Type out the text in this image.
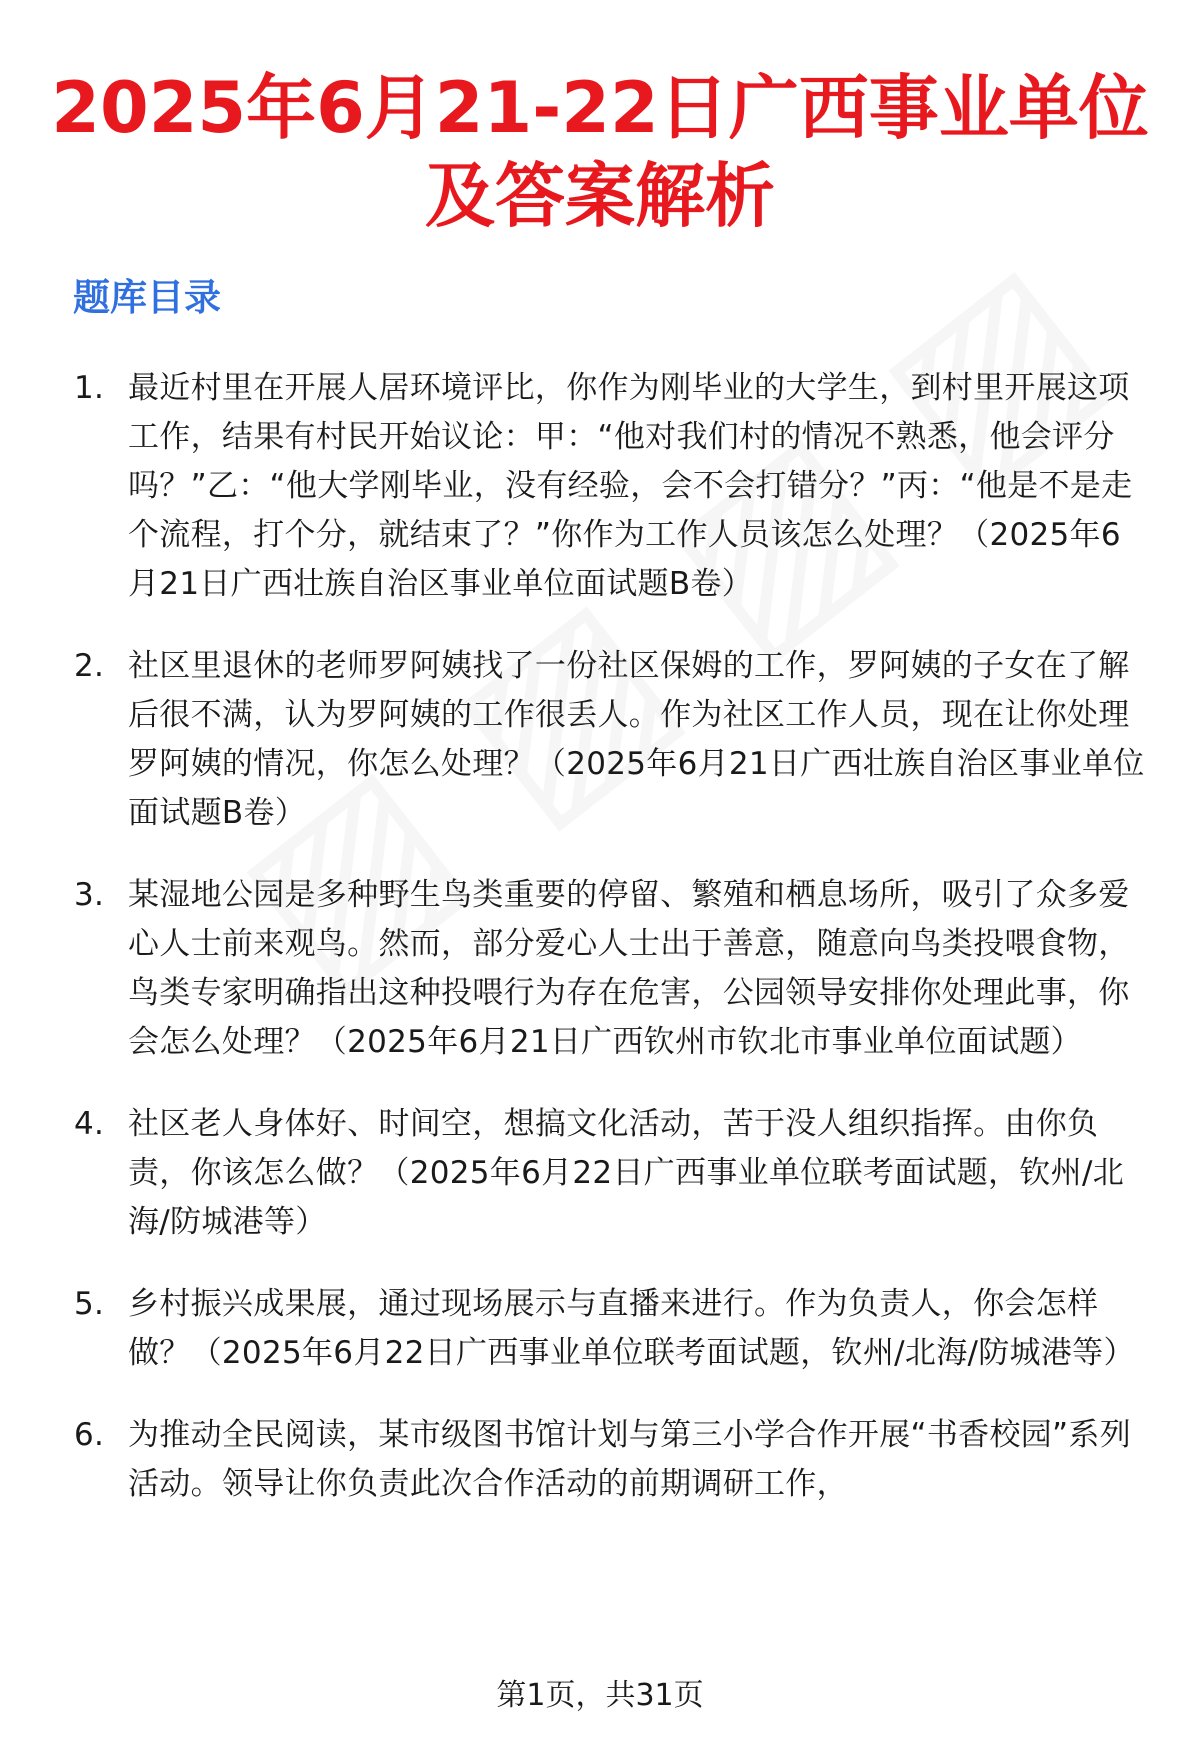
2025年6月21-22日广西事业单位
及答案解析
题库目录
1. 最近村里在开展人居环境评比，你作为刚毕业的大学生，到村里开展这项工作，结果有村民开始议论：甲：“他对我们村的情况不熟悉，他会评分吗？”乙：“他大学刚毕业，没有经验，会不会打错分？”丙：“他是不是走个流程，打个分，就结束了？”你作为工作人员该怎么处理？（2025年6月21日广西壮族自治区事业单位面试题B卷）
2. 社区里退休的老师罗阿姨找了一份社区保姆的工作，罗阿姨的子女在了解后很不满，认为罗阿姨的工作很丢人。作为社区工作人员，现在让你处理罗阿姨的情况，你怎么处理？（2025年6月21日广西壮族自治区事业单位面试题B卷）
3. 某湿地公园是多种野生鸟类重要的停留、繁殖和栖息场所，吸引了众多爱心人士前来观鸟。然而，部分爱心人士出于善意，随意向鸟类投喂食物，鸟类专家明确指出这种投喂行为存在危害，公园领导安排你处理此事，你会怎么处理？（2025年6月21日广西钦州市钦北市事业单位面试题）
4. 社区老人身体好、时间空，想搞文化活动，苦于没人组织指挥。由你负责，你该怎么做？（2025年6月22日广西事业单位联考面试题，钦州/北海/防城港等）
5. 乡村振兴成果展，通过现场展示与直播来进行。作为负责人，你会怎样做？（2025年6月22日广西事业单位联考面试题，钦州/北海/防城港等）
6. 为推动全民阅读，某市级图书馆计划与第三小学合作开展“书香校园”系列活动。领导让你负责此次合作活动的前期调研工作，
第1页，共31页
